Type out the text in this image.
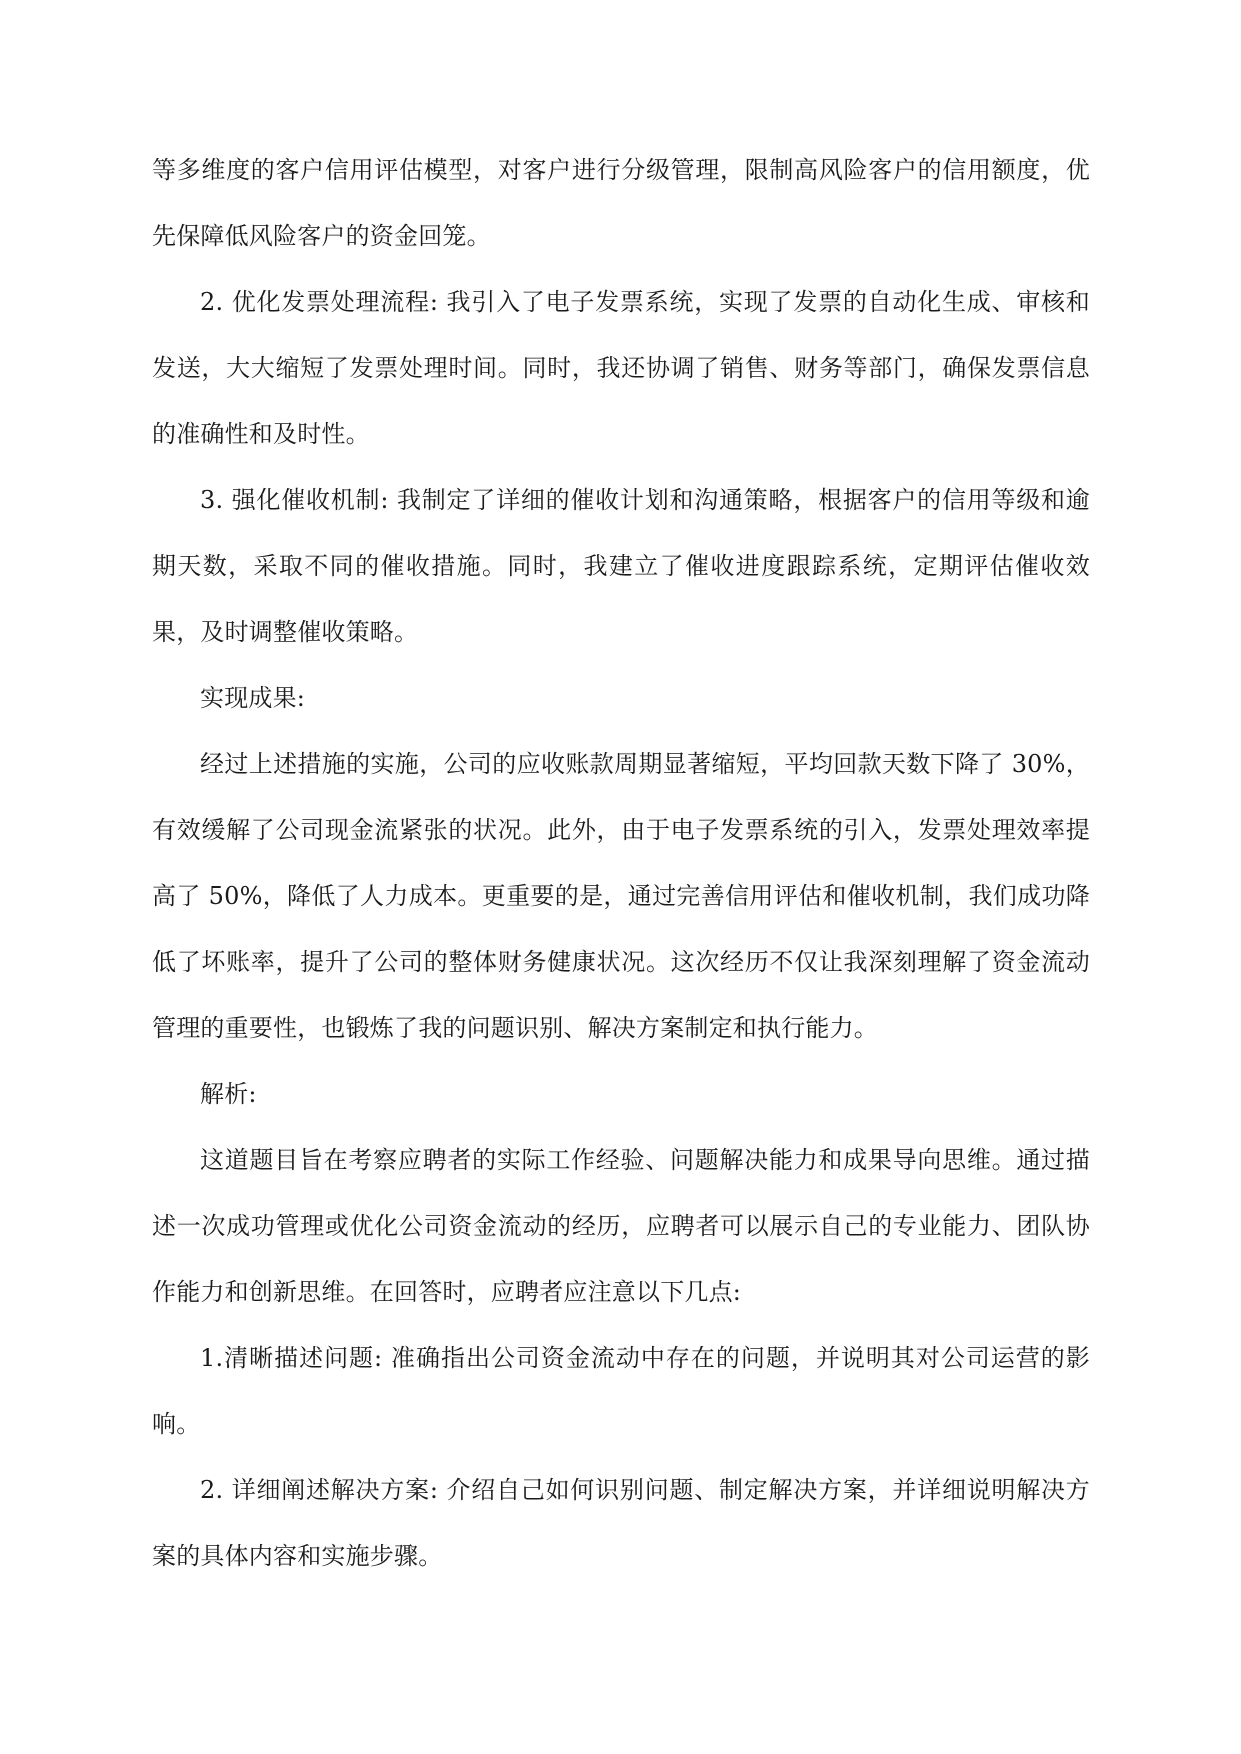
等多维度的客户信用评估模型，对客户进行分级管理，限制高风险客户的信用额度，优先保障低风险客户的资金回笼。

2. 优化发票处理流程: 我引入了电子发票系统，实现了发票的自动化生成、审核和发送，大大缩短了发票处理时间。同时，我还协调了销售、财务等部门，确保发票信息的准确性和及时性。

3. 强化催收机制: 我制定了详细的催收计划和沟通策略，根据客户的信用等级和逾期天数，采取不同的催收措施。同时，我建立了催收进度跟踪系统，定期评估催收效果，及时调整催收策略。

实现成果:

经过上述措施的实施，公司的应收账款周期显著缩短，平均回款天数下降了 30%，有效缓解了公司现金流紧张的状况。此外，由于电子发票系统的引入，发票处理效率提高了 50%，降低了人力成本。更重要的是，通过完善信用评估和催收机制，我们成功降低了坏账率，提升了公司的整体财务健康状况。这次经历不仅让我深刻理解了资金流动管理的重要性，也锻炼了我的问题识别、解决方案制定和执行能力。

解析:

这道题目旨在考察应聘者的实际工作经验、问题解决能力和成果导向思维。通过描述一次成功管理或优化公司资金流动的经历，应聘者可以展示自己的专业能力、团队协作能力和创新思维。在回答时，应聘者应注意以下几点:

1.清晰描述问题: 准确指出公司资金流动中存在的问题，并说明其对公司运营的影响。

2. 详细阐述解决方案: 介绍自己如何识别问题、制定解决方案，并详细说明解决方案的具体内容和实施步骤。
